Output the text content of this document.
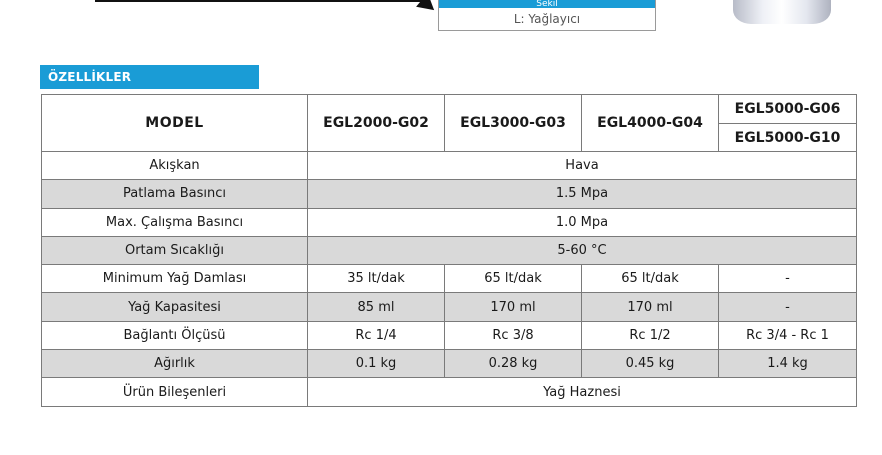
Sekil
L: Yağlayıcı
ÖZELLİKLER
MODEL	EGL2000-G02	EGL3000-G03	EGL4000-G04	EGL5000-G06
				EGL5000-G10
Akışkan	Hava			
Patlama Basıncı	1.5 Mpa			
Max. Çalışma Basıncı	1.0 Mpa			
Ortam Sıcaklığı	5-60 °C			
Minimum Yağ Damlası	35 lt/dak	65 lt/dak	65 lt/dak	-
Yağ Kapasitesi	85 ml	170 ml	170 ml	-
Bağlantı Ölçüsü	Rc 1/4	Rc 3/8	Rc 1/2	Rc 3/4 - Rc 1
Ağırlık	0.1 kg	0.28 kg	0.45 kg	1.4 kg
Ürün Bileşenleri	Yağ Haznesi			
